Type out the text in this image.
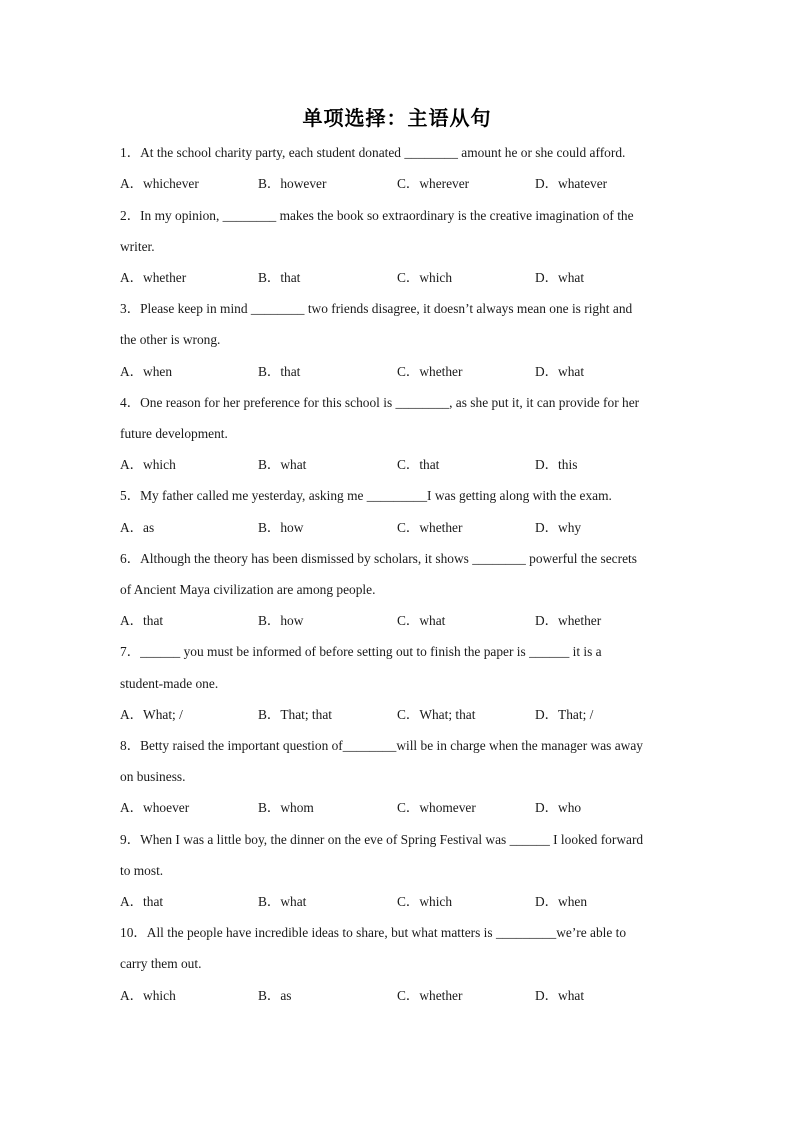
单项选择：主语从句
1．At the school charity party, each student donated ________ amount he or she could afford.
A．whichever	B．however	C．wherever	D．whatever
2．In my opinion, ________ makes the book so extraordinary is the creative imagination of the
writer.
A．whether	B．that	C．which	D．what
3．Please keep in mind ________ two friends disagree, it doesn’t always mean one is right and
the other is wrong.
A．when	B．that	C．whether	D．what
4．One reason for her preference for this school is ________, as she put it, it can provide for her
future development.
A．which	B．what	C．that	D．this
5．My father called me yesterday, asking me _________I was getting along with the exam.
A．as	B．how	C．whether	D．why
6．Although the theory has been dismissed by scholars, it shows ________ powerful the secrets
of Ancient Maya civilization are among people.
A．that	B．how	C．what	D．whether
7．______ you must be informed of before setting out to finish the paper is ______ it is a
student-made one.
A．What; /	B．That; that	C．What; that	D．That; /
8．Betty raised the important question of________will be in charge when the manager was away
on business.
A．whoever	B．whom	C．whomever	D．who
9．When I was a little boy, the dinner on the eve of Spring Festival was ______ I looked forward
to most.
A．that	B．what	C．which	D．when
10．All the people have incredible ideas to share, but what matters is _________we’re able to
carry them out.
A．which	B．as	C．whether	D．what
